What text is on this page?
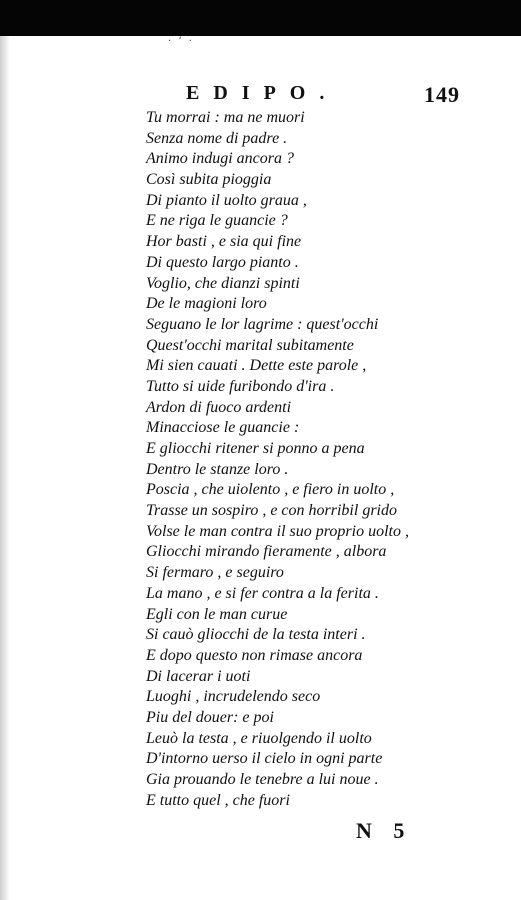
· ‘ ·
EDIPO.	149
Tu morrai : ma ne muori
Senza nome di padre .
Animo indugi ancora ?
Così subita pioggia
Di pianto il uolto graua ,
E ne riga le guancie ?
Hor basti , e sia qui fine
Di questo largo pianto .
Voglio, che dianzi spinti
De le magioni loro
Seguano le lor lagrime : quest'occhi
Quest'occhi marital subitamente
Mi sien cauati . Dette este parole ,
Tutto si uide furibondo d'ira .
Ardon di fuoco ardenti
Minacciose le guancie :
E gliocchi ritener si ponno a pena
Dentro le stanze loro .
Poscia , che uiolento , e fiero in uolto ,
Trasse un sospiro , e con horribil grido
Volse le man contra il suo proprio uolto ,
Gliocchi mirando fieramente , albora
Si fermaro , e seguiro
La mano , e si fer contra a la ferita .
Egli con le man curue
Si cauò gliocchi de la testa interi .
E dopo questo non rimase ancora
Di lacerar i uoti
Luoghi , incrudelendo seco
Piu del douer: e poi
Leuò la testa , e riuolgendo il uolto
D'intorno uerso il cielo in ogni parte
Gia prouando le tenebre a lui noue .
E tutto quel , che fuori
N 5
